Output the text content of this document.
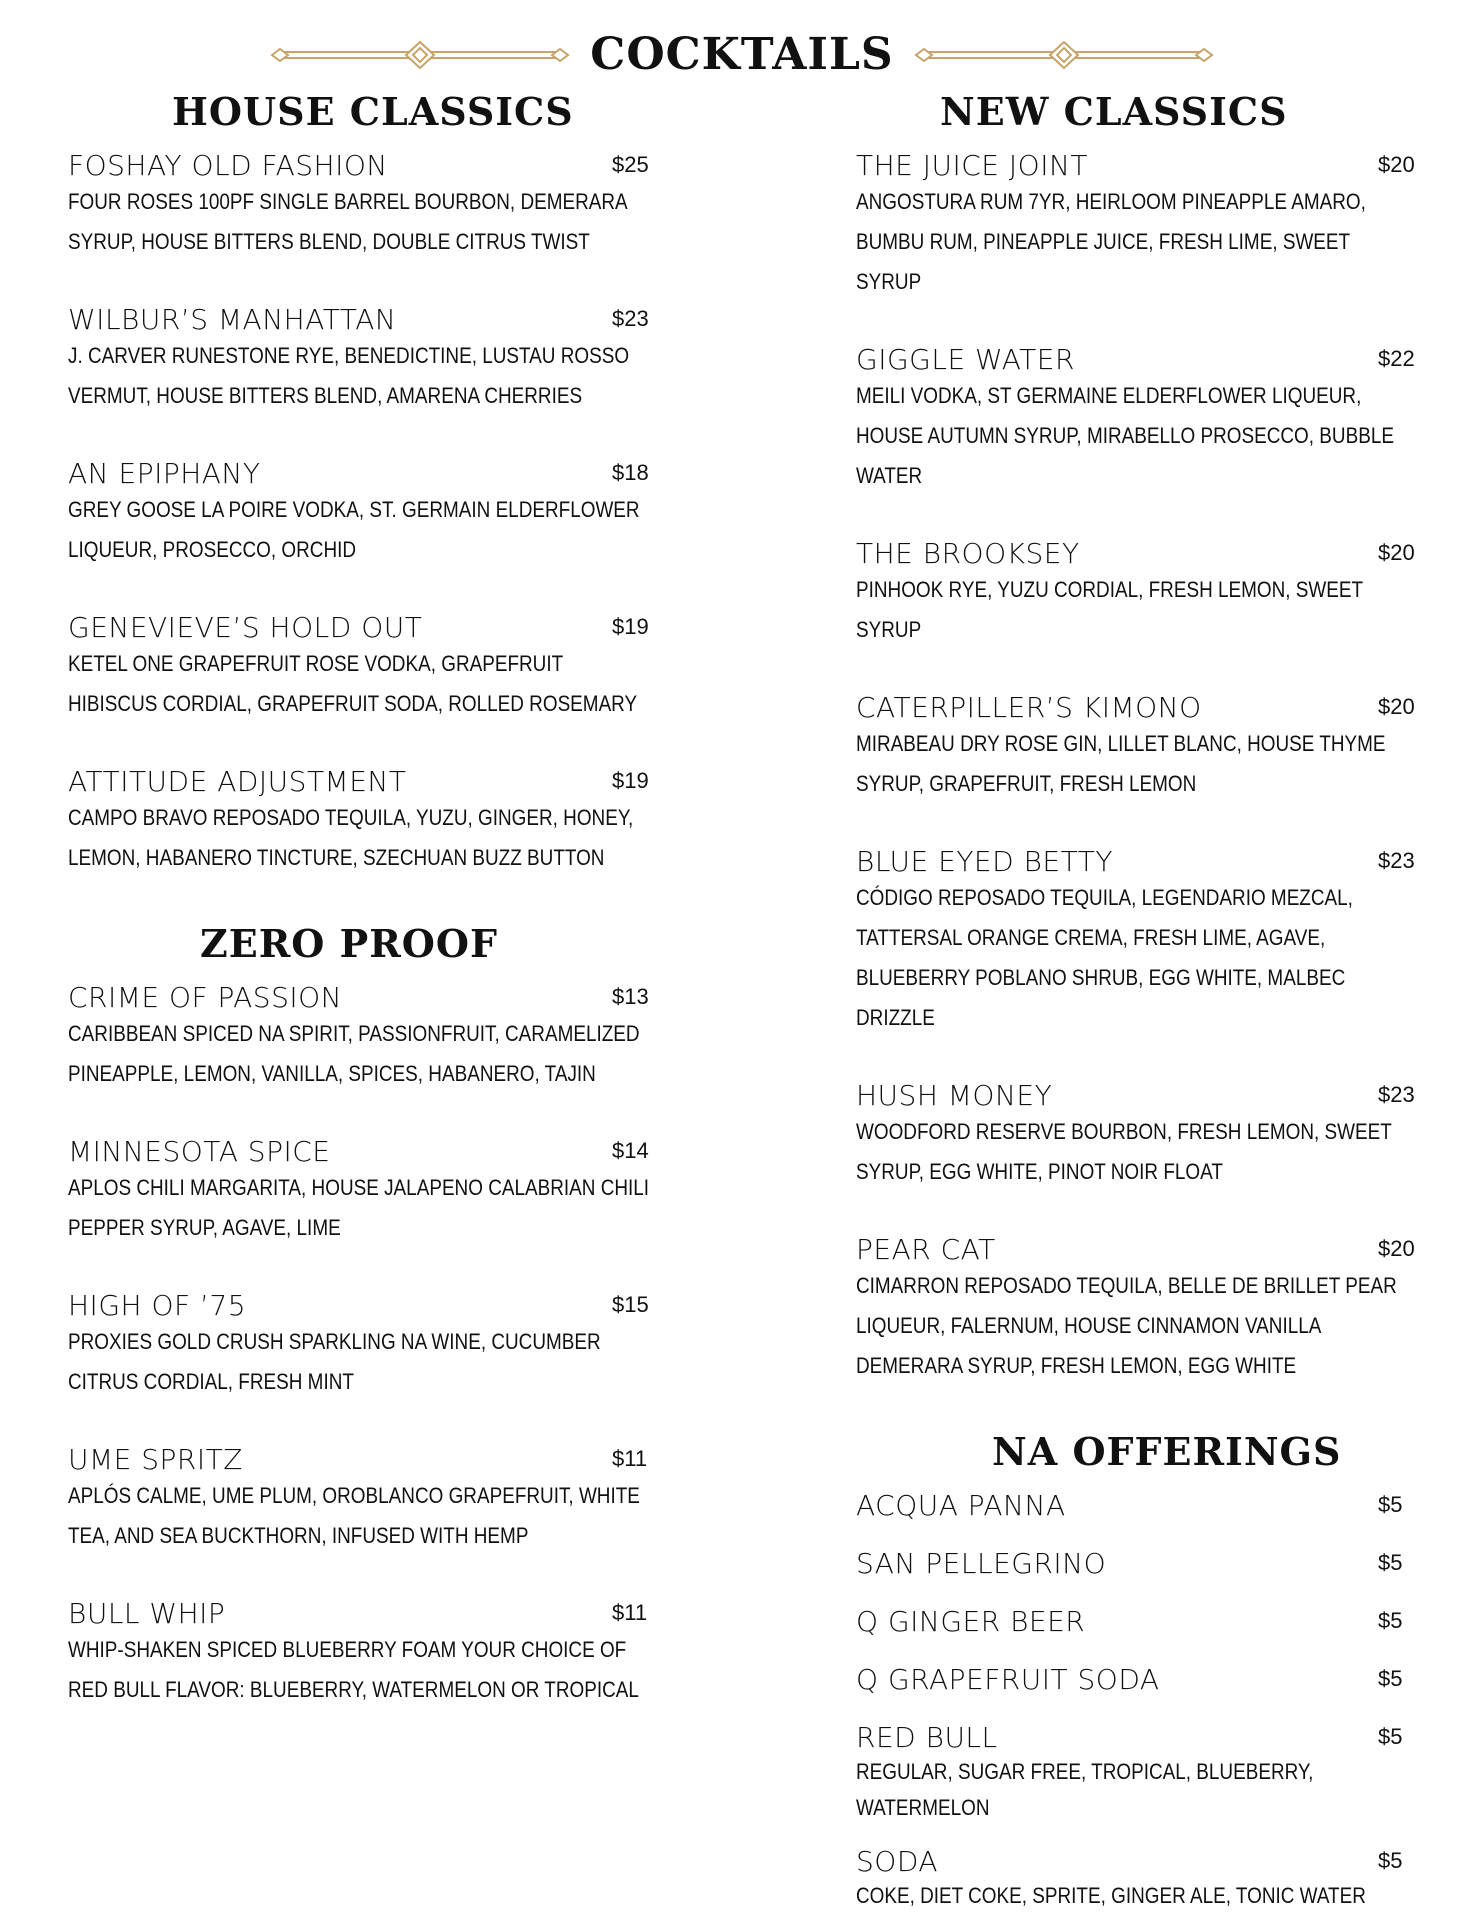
COCKTAILS
HOUSE CLASSICS
FOSHAY OLD FASHION	$25
FOUR ROSES 100PF SINGLE BARREL BOURBON, DEMERARA SYRUP, HOUSE BITTERS BLEND, DOUBLE CITRUS TWIST
WILBUR’S MANHATTAN	$23
J. CARVER RUNESTONE RYE, BENEDICTINE, LUSTAU ROSSO VERMUT, HOUSE BITTERS BLEND, AMARENA CHERRIES
AN EPIPHANY	$18
GREY GOOSE LA POIRE VODKA, ST. GERMAIN ELDERFLOWER LIQUEUR, PROSECCO, ORCHID
GENEVIEVE’S HOLD OUT	$19
KETEL ONE GRAPEFRUIT ROSE VODKA, GRAPEFRUIT HIBISCUS CORDIAL, GRAPEFRUIT SODA, ROLLED ROSEMARY
ATTITUDE ADJUSTMENT	$19
CAMPO BRAVO REPOSADO TEQUILA, YUZU, GINGER, HONEY, LEMON, HABANERO TINCTURE, SZECHUAN BUZZ BUTTON
ZERO PROOF
CRIME OF PASSION	$13
CARIBBEAN SPICED NA SPIRIT, PASSIONFRUIT, CARAMELIZED PINEAPPLE, LEMON, VANILLA, SPICES, HABANERO, TAJIN
MINNESOTA SPICE	$14
APLOS CHILI MARGARITA, HOUSE JALAPENO CALABRIAN CHILI PEPPER SYRUP, AGAVE, LIME
HIGH OF ’75	$15
PROXIES GOLD CRUSH SPARKLING NA WINE, CUCUMBER CITRUS CORDIAL, FRESH MINT
UME SPRITZ	$11
APLÓS CALME, UME PLUM, OROBLANCO GRAPEFRUIT, WHITE TEA, AND SEA BUCKTHORN, INFUSED WITH HEMP
BULL WHIP	$11
WHIP-SHAKEN SPICED BLUEBERRY FOAM YOUR CHOICE OF RED BULL FLAVOR: BLUEBERRY, WATERMELON OR TROPICAL
NEW CLASSICS
THE JUICE JOINT	$20
ANGOSTURA RUM 7YR, HEIRLOOM PINEAPPLE AMARO, BUMBU RUM, PINEAPPLE JUICE, FRESH LIME, SWEET SYRUP
GIGGLE WATER	$22
MEILI VODKA, ST GERMAINE ELDERFLOWER LIQUEUR, HOUSE AUTUMN SYRUP, MIRABELLO PROSECCO, BUBBLE WATER
THE BROOKSEY	$20
PINHOOK RYE, YUZU CORDIAL, FRESH LEMON, SWEET SYRUP
CATERPILLER’S KIMONO	$20
MIRABEAU DRY ROSE GIN, LILLET BLANC, HOUSE THYME SYRUP, GRAPEFRUIT, FRESH LEMON
BLUE EYED BETTY	$23
CÓDIGO REPOSADO TEQUILA, LEGENDARIO MEZCAL, TATTERSAL ORANGE CREMA, FRESH LIME, AGAVE, BLUEBERRY POBLANO SHRUB, EGG WHITE, MALBEC DRIZZLE
HUSH MONEY	$23
WOODFORD RESERVE BOURBON, FRESH LEMON, SWEET SYRUP, EGG WHITE, PINOT NOIR FLOAT
PEAR CAT	$20
CIMARRON REPOSADO TEQUILA, BELLE DE BRILLET PEAR LIQUEUR, FALERNUM, HOUSE CINNAMON VANILLA DEMERARA SYRUP, FRESH LEMON, EGG WHITE
NA OFFERINGS
ACQUA PANNA	$5
SAN PELLEGRINO	$5
Q GINGER BEER	$5
Q GRAPEFRUIT SODA	$5
RED BULL	$5
REGULAR, SUGAR FREE, TROPICAL, BLUEBERRY, WATERMELON
SODA	$5
COKE, DIET COKE, SPRITE, GINGER ALE, TONIC WATER
